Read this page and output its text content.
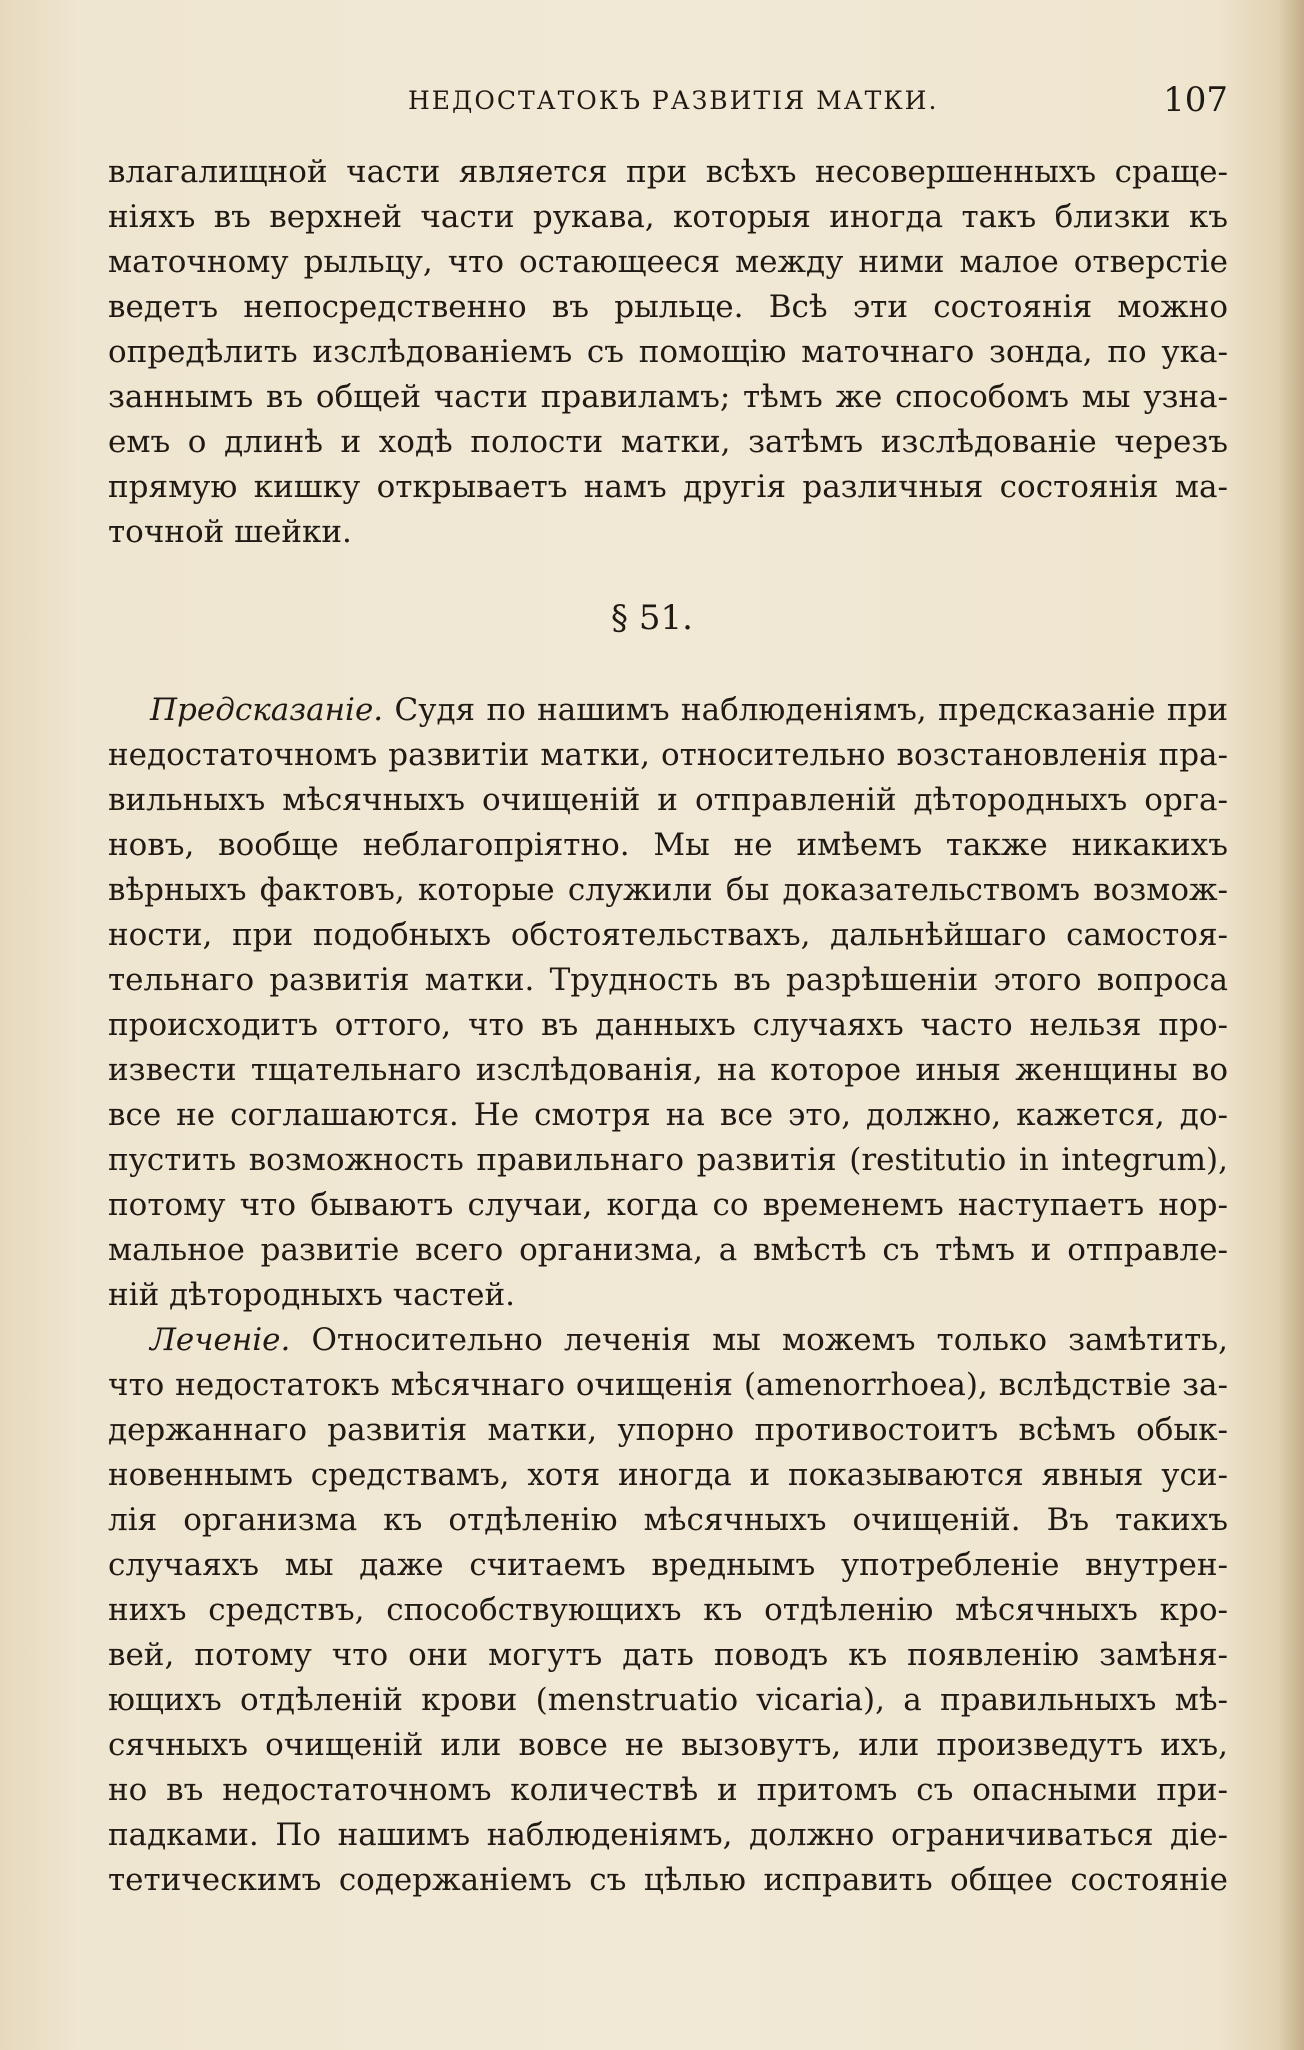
НЕДОСТАТОКЪ РАЗВИТІЯ МАТКИ.	107
влагалищной части является при всѣхъ несовершенныхъ сраще-
ніяхъ въ верхней части рукава, которыя иногда такъ близки къ
маточному рыльцу, что остающееся между ними малое отверстіе
ведетъ непосредственно въ рыльце. Всѣ эти состоянія можно
опредѣлить изслѣдованіемъ съ помощію маточнаго зонда, по ука-
заннымъ въ общей части правиламъ; тѣмъ же способомъ мы узна-
емъ о длинѣ и ходѣ полости матки, затѣмъ изслѣдованіе черезъ
прямую кишку открываетъ намъ другія различныя состоянія ма-
точной шейки.
§ 51.
Предсказаніе. Судя по нашимъ наблюденіямъ, предсказаніе при
недостаточномъ развитіи матки, относительно возстановленія пра-
вильныхъ мѣсячныхъ очищеній и отправленій дѣтородныхъ орга-
новъ, вообще неблагопріятно. Мы не имѣемъ также никакихъ
вѣрныхъ фактовъ, которые служили бы доказательствомъ возмож-
ности, при подобныхъ обстоятельствахъ, дальнѣйшаго самостоя-
тельнаго развитія матки. Трудность въ разрѣшеніи этого вопроса
происходитъ оттого, что въ данныхъ случаяхъ часто нельзя про-
извести тщательнаго изслѣдованія, на которое иныя женщины во
все не соглашаются. Не смотря на все это, должно, кажется, до-
пустить возможность правильнаго развитія (restitutio in integrum),
потому что бываютъ случаи, когда со временемъ наступаетъ нор-
мальное развитіе всего организма, а вмѣстѣ съ тѣмъ и отправле-
ній дѣтородныхъ частей.
Леченіе. Относительно леченія мы можемъ только замѣтить,
что недостатокъ мѣсячнаго очищенія (amenorrhoea), вслѣдствіе за-
держаннаго развитія матки, упорно противостоитъ всѣмъ обык-
новеннымъ средствамъ, хотя иногда и показываются явныя уси-
лія организма къ отдѣленію мѣсячныхъ очищеній. Въ такихъ
случаяхъ мы даже считаемъ вреднымъ употребленіе внутрен-
нихъ средствъ, способствующихъ къ отдѣленію мѣсячныхъ кро-
вей, потому что они могутъ дать поводъ къ появленію замѣня-
ющихъ отдѣленій крови (menstruatio vicaria), а правильныхъ мѣ-
сячныхъ очищеній или вовсе не вызовутъ, или произведутъ ихъ,
но въ недостаточномъ количествѣ и притомъ съ опасными при-
падками. По нашимъ наблюденіямъ, должно ограничиваться діе-
тетическимъ содержаніемъ съ цѣлью исправить общее состояніе
